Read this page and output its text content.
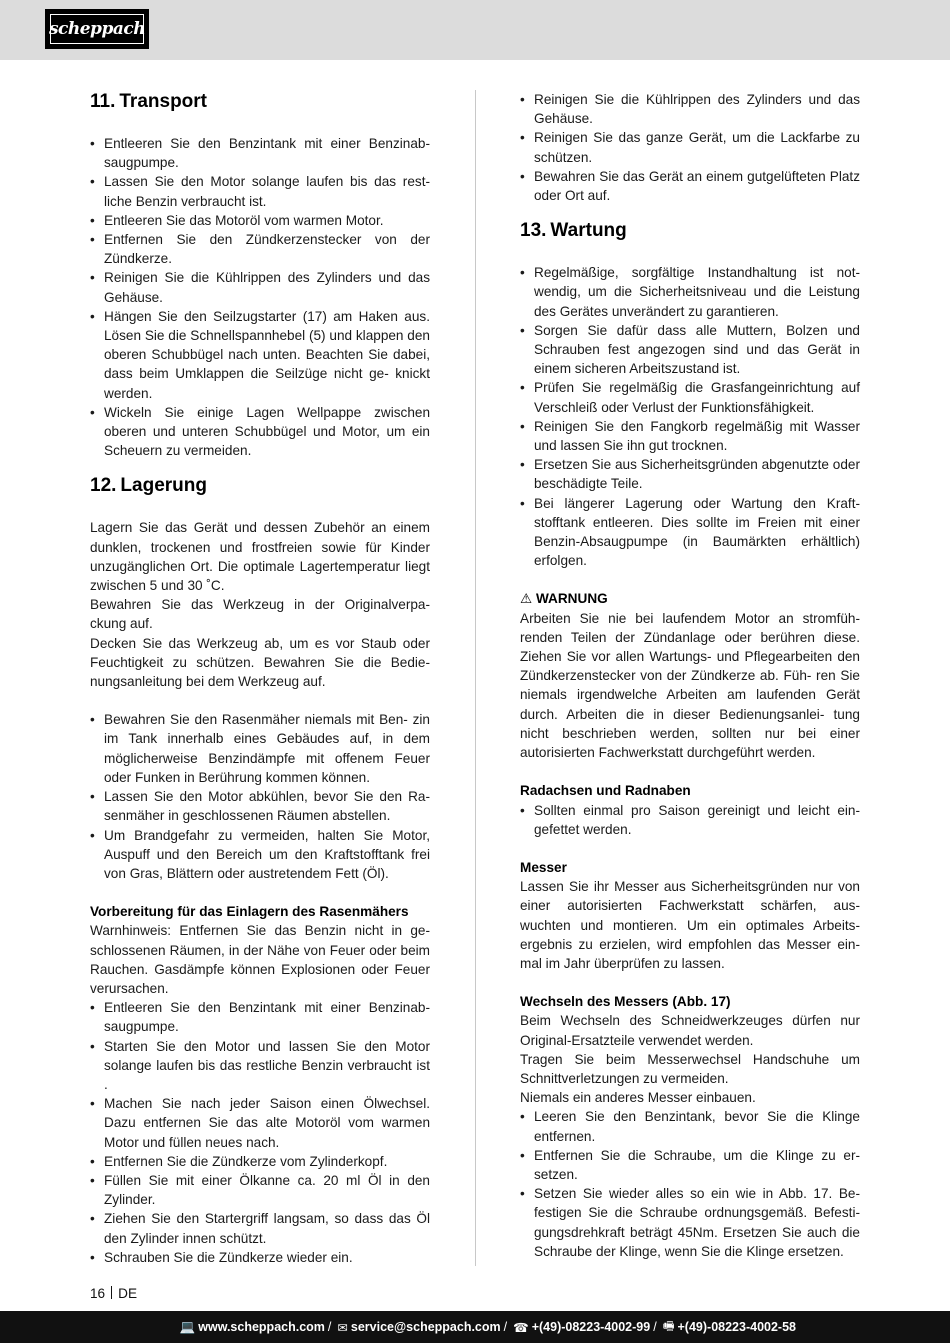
scheppach
11. Transport
• Entleeren Sie den Benzintank mit einer Benzinab- saugpumpe.
• Lassen Sie den Motor solange laufen bis das rest- liche Benzin verbraucht ist.
• Entleeren Sie das Motoröl vom warmen Motor.
• Entfernen Sie den Zündkerzenstecker von der Zündkerze.
• Reinigen Sie die Kühlrippen des Zylinders und das Gehäuse.
• Hängen Sie den Seilzugstarter (17) am Haken aus. Lösen Sie die Schnellspannhebel (5) und klappen den oberen Schubbügel nach unten. Beachten Sie dabei, dass beim Umklappen die Seilzüge nicht ge- knickt werden.
• Wickeln Sie einige Lagen Wellpappe zwischen oberen und unteren Schubbügel und Motor, um ein Scheuern zu vermeiden.
12. Lagerung

Lagern Sie das Gerät und dessen Zubehör an einem dunklen, trockenen und frostfreien sowie für Kinder unzugänglichen Ort. Die optimale Lagertemperatur liegt zwischen 5 und 30 ˚C.

Bewahren Sie das Werkzeug in der Originalverpa- ckung auf.

Decken Sie das Werkzeug ab, um es vor Staub oder Feuchtigkeit zu schützen. Bewahren Sie die Bedie- nungsanleitung bei dem Werkzeug auf.

• Bewahren Sie den Rasenmäher niemals mit Ben- zin im Tank innerhalb eines Gebäudes auf, in dem möglicherweise Benzindämpfe mit offenem Feuer oder Funken in Berührung kommen können.
• Lassen Sie den Motor abkühlen, bevor Sie den Ra- senmäher in geschlossenen Räumen abstellen.
• Um Brandgefahr zu vermeiden, halten Sie Motor, Auspuff und den Bereich um den Kraftstofftank frei von Gras, Blättern oder austretendem Fett (Öl).

Vorbereitung für das Einlagern des Rasenmähers

Warnhinweis: Entfernen Sie das Benzin nicht in ge- schlossenen Räumen, in der Nähe von Feuer oder beim Rauchen. Gasdämpfe können Explosionen oder Feuer verursachen.

• Entleeren Sie den Benzintank mit einer Benzinab- saugpumpe.
• Starten Sie den Motor und lassen Sie den Motor solange laufen bis das restliche Benzin verbraucht ist .
• Machen Sie nach jeder Saison einen Ölwechsel. Dazu entfernen Sie das alte Motoröl vom warmen Motor und füllen neues nach.
• Entfernen Sie die Zündkerze vom Zylinderkopf.
• Füllen Sie mit einer Ölkanne ca. 20 ml Öl in den Zylinder.
• Ziehen Sie den Startergriff langsam, so dass das Öl den Zylinder innen schützt.
• Schrauben Sie die Zündkerze wieder ein.
• Reinigen Sie die Kühlrippen des Zylinders und das Gehäuse.
• Reinigen Sie das ganze Gerät, um die Lackfarbe zu schützen.
• Bewahren Sie das Gerät an einem gutgelüfteten Platz oder Ort auf.
13. Wartung
• Regelmäßige, sorgfältige Instandhaltung ist not- wendig, um die Sicherheitsniveau und die Leistung des Gerätes unverändert zu garantieren.
• Sorgen Sie dafür dass alle Muttern, Bolzen und Schrauben fest angezogen sind und das Gerät in einem sicheren Arbeitszustand ist.
• Prüfen Sie regelmäßig die Grasfangeinrichtung auf Verschleiß oder Verlust der Funktionsfähigkeit.
• Reinigen Sie den Fangkorb regelmäßig mit Wasser und lassen Sie ihn gut trocknen.
• Ersetzen Sie aus Sicherheitsgründen abgenutzte oder beschädigte Teile.
• Bei längerer Lagerung oder Wartung den Kraft- stofftank entleeren. Dies sollte im Freien mit einer Benzin-Absaugpumpe (in Baumärkten erhältlich) erfolgen.

⚠ WARNUNG

Arbeiten Sie nie bei laufendem Motor an stromfüh- renden Teilen der Zündanlage oder berühren diese. Ziehen Sie vor allen Wartungs- und Pflegearbeiten den Zündkerzenstecker von der Zündkerze ab. Füh- ren Sie niemals irgendwelche Arbeiten am laufenden Gerät durch. Arbeiten die in dieser Bedienungsanlei- tung nicht beschrieben werden, sollten nur bei einer autorisierten Fachwerkstatt durchgeführt werden.

Radachsen und Radnaben

• Sollten einmal pro Saison gereinigt und leicht ein- gefettet werden.

Messer

Lassen Sie ihr Messer aus Sicherheitsgründen nur von einer autorisierten Fachwerkstatt schärfen, aus- wuchten und montieren. Um ein optimales Arbeits- ergebnis zu erzielen, wird empfohlen das Messer ein- mal im Jahr überprüfen zu lassen.

Wechseln des Messers (Abb. 17)

Beim Wechseln des Schneidwerkzeuges dürfen nur Original-Ersatzteile verwendet werden.

Tragen Sie beim Messerwechsel Handschuhe um Schnittverletzungen zu vermeiden.

Niemals ein anderes Messer einbauen.

• Leeren Sie den Benzintank, bevor Sie die Klinge entfernen.
• Entfernen Sie die Schraube, um die Klinge zu er- setzen.
• Setzen Sie wieder alles so ein wie in Abb. 17. Be- festigen Sie die Schraube ordnungsgemäß. Befesti- gungsdrehkraft beträgt 45Nm. Ersetzen Sie auch die Schraube der Klinge, wenn Sie die Klinge ersetzen.
16 DE
💻 www.scheppach.com / ✉ service@scheppach.com / ☎ +(49)-08223-4002-99 / 🖷 +(49)-08223-4002-58
